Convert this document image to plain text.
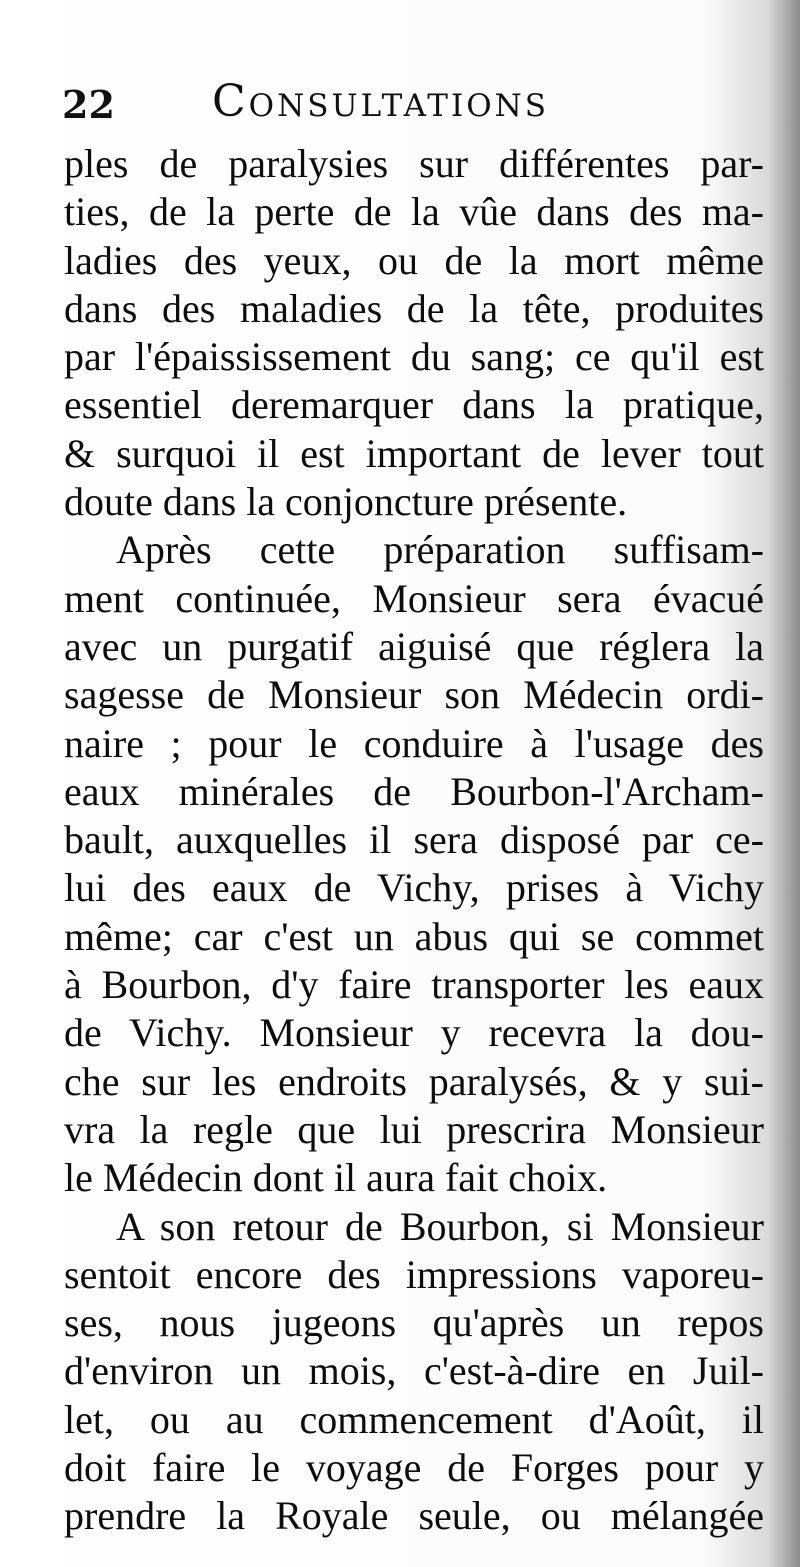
22 Consultations
ples de paralysies sur différentes par-
ties, de la perte de la vûe dans des ma-
ladies des yeux, ou de la mort même
dans des maladies de la tête, produites
par l'épaississement du sang; ce qu'il est
essentiel deremarquer dans la pratique,
& surquoi il est important de lever tout
doute dans la conjoncture présente.
Après cette préparation suffisam-
ment continuée, Monsieur sera évacué
avec un purgatif aiguisé que réglera la
sagesse de Monsieur son Médecin ordi-
naire ; pour le conduire à l'usage des
eaux minérales de Bourbon-l'Archam-
bault, auxquelles il sera disposé par ce-
lui des eaux de Vichy, prises à Vichy
même; car c'est un abus qui se commet
à Bourbon, d'y faire transporter les eaux
de Vichy. Monsieur y recevra la dou-
che sur les endroits paralysés, & y sui-
vra la regle que lui prescrira Monsieur
le Médecin dont il aura fait choix.
A son retour de Bourbon, si Monsieur
sentoit encore des impressions vaporeu-
ses, nous jugeons qu'après un repos
d'environ un mois, c'est-à-dire en Juil-
let, ou au commencement d'Août, il
doit faire le voyage de Forges pour y
prendre la Royale seule, ou mélangée
